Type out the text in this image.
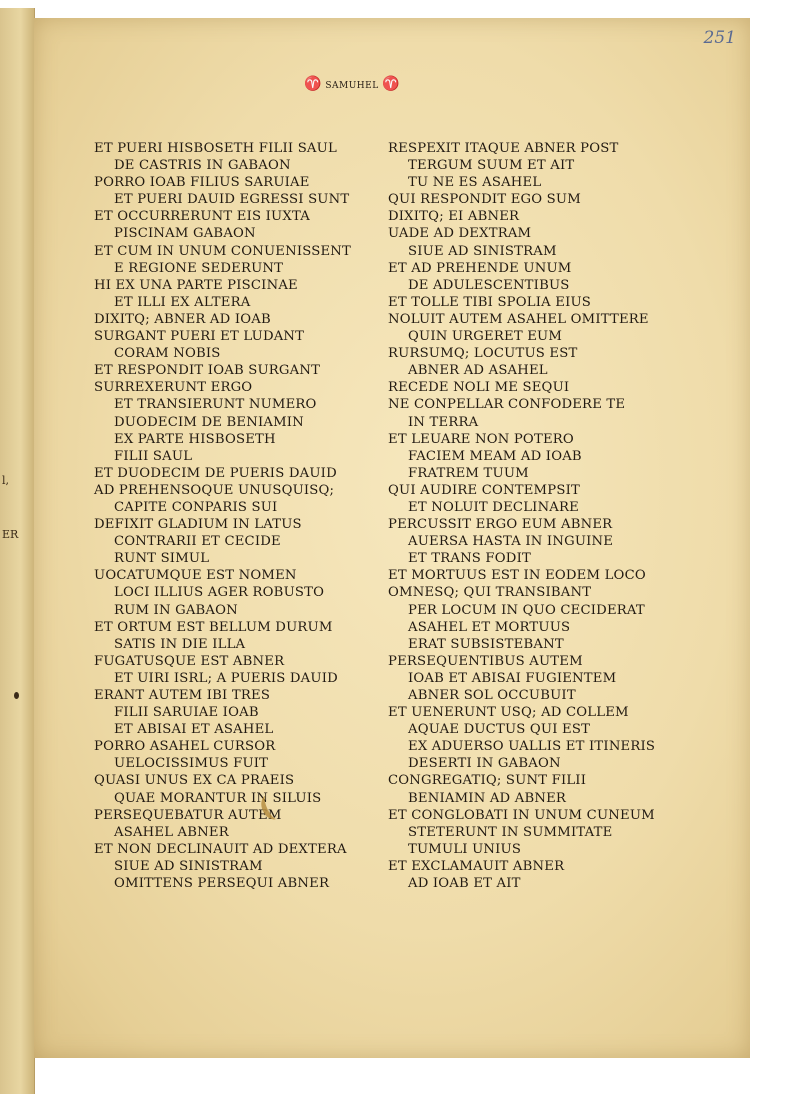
l,
ER
251
♈ SAMUHEL ♈
ET PUERI HISBOSETH FILII SAUL
DE CASTRIS IN GABAON
PORRO IOAB FILIUS SARUIAE
ET PUERI DAUID EGRESSI SUNT
ET OCCURRERUNT EIS IUXTA
PISCINAM GABAON
ET CUM IN UNUM CONUENISSENT
E REGIONE SEDERUNT
HI EX UNA PARTE PISCINAE
ET ILLI EX ALTERA
DIXITQ; ABNER AD IOAB
SURGANT PUERI ET LUDANT
CORAM NOBIS
ET RESPONDIT IOAB SURGANT
SURREXERUNT ERGO
ET TRANSIERUNT NUMERO
DUODECIM DE BENIAMIN
EX PARTE HISBOSETH
FILII SAUL
ET DUODECIM DE PUERIS DAUID
AD PREHENSOQUE UNUSQUISQ;
CAPITE CONPARIS SUI
DEFIXIT GLADIUM IN LATUS
CONTRARII ET CECIDE
RUNT SIMUL
UOCATUMQUE EST NOMEN
LOCI ILLIUS AGER ROBUSTO
RUM IN GABAON
ET ORTUM EST BELLUM DURUM
SATIS IN DIE ILLA
FUGATUSQUE EST ABNER
ET UIRI ISRL; A PUERIS DAUID
ERANT AUTEM IBI TRES
FILII SARUIAE IOAB
ET ABISAI ET ASAHEL
PORRO ASAHEL CURSOR
UELOCISSIMUS FUIT
QUASI UNUS EX CA PRAEIS
QUAE MORANTUR IN SILUIS
PERSEQUEBATUR AUTEM
ASAHEL ABNER
ET NON DECLINAUIT AD DEXTERA
SIUE AD SINISTRAM
OMITTENS PERSEQUI ABNER
RESPEXIT ITAQUE ABNER POST
TERGUM SUUM ET AIT
TU NE ES ASAHEL
QUI RESPONDIT EGO SUM
DIXITQ; EI ABNER
UADE AD DEXTRAM
SIUE AD SINISTRAM
ET AD PREHENDE UNUM
DE ADULESCENTIBUS
ET TOLLE TIBI SPOLIA EIUS
NOLUIT AUTEM ASAHEL OMITTERE
QUIN URGERET EUM
RURSUMQ; LOCUTUS EST
ABNER AD ASAHEL
RECEDE NOLI ME SEQUI
NE CONPELLAR CONFODERE TE
IN TERRA
ET LEUARE NON POTERO
FACIEM MEAM AD IOAB
FRATREM TUUM
QUI AUDIRE CONTEMPSIT
ET NOLUIT DECLINARE
PERCUSSIT ERGO EUM ABNER
AUERSA HASTA IN INGUINE
ET TRANS FODIT
ET MORTUUS EST IN EODEM LOCO
OMNESQ; QUI TRANSIBANT
PER LOCUM IN QUO CECIDERAT
ASAHEL ET MORTUUS
ERAT SUBSISTEBANT
PERSEQUENTIBUS AUTEM
IOAB ET ABISAI FUGIENTEM
ABNER SOL OCCUBUIT
ET UENERUNT USQ; AD COLLEM
AQUAE DUCTUS QUI EST
EX ADUERSO UALLIS ET ITINERIS
DESERTI IN GABAON
CONGREGATIQ; SUNT FILII
BENIAMIN AD ABNER
ET CONGLOBATI IN UNUM CUNEUM
STETERUNT IN SUMMITATE
TUMULI UNIUS
ET EXCLAMAUIT ABNER
AD IOAB ET AIT
